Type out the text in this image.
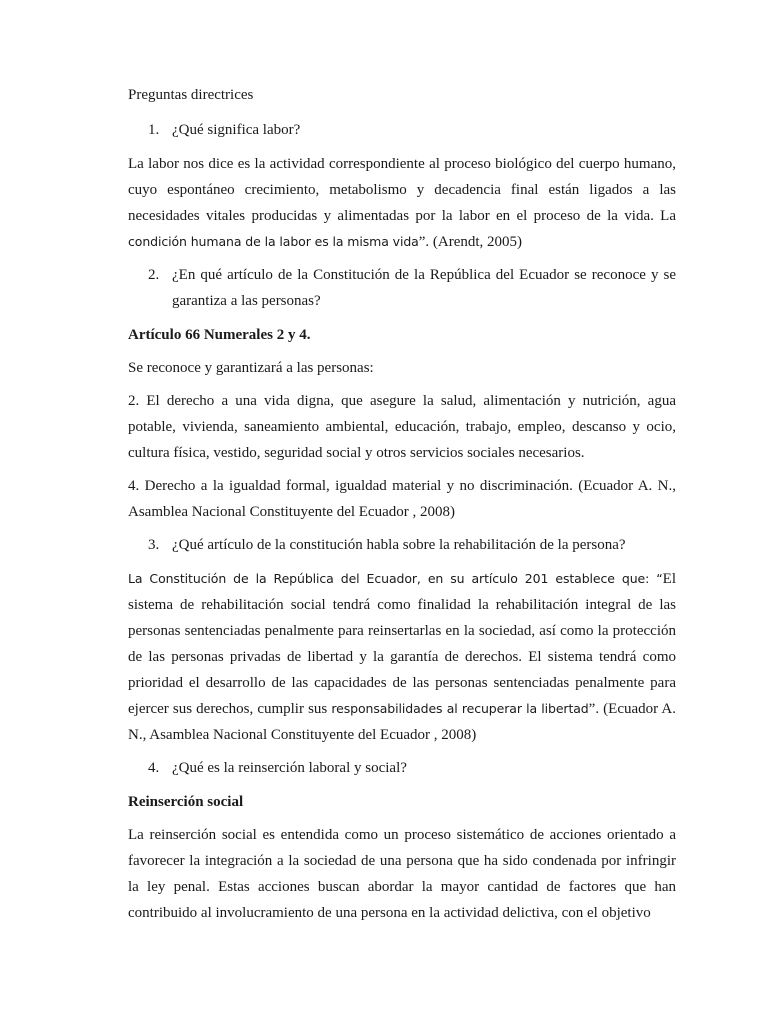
Preguntas directrices

1. ¿Qué significa labor?

La labor nos dice es la actividad correspondiente al proceso biológico del cuerpo humano, cuyo espontáneo crecimiento, metabolismo y decadencia final están ligados a las necesidades vitales producidas y alimentadas por la labor en el proceso de la vida. La condición humana de la labor es la misma vida”. (Arendt, 2005)

2. ¿En qué artículo de la Constitución de la República del Ecuador se reconoce y se garantiza a las personas?

Artículo 66 Numerales 2 y 4.

Se reconoce y garantizará a las personas:

2. El derecho a una vida digna, que asegure la salud, alimentación y nutrición, agua potable, vivienda, saneamiento ambiental, educación, trabajo, empleo, descanso y ocio, cultura física, vestido, seguridad social y otros servicios sociales necesarios.

4. Derecho a la igualdad formal, igualdad material y no discriminación. (Ecuador A. N., Asamblea Nacional Constituyente del Ecuador , 2008)

3. ¿Qué artículo de la constitución habla sobre la rehabilitación de la persona?

La Constitución de la República del Ecuador, en su artículo 201 establece que: “El sistema de rehabilitación social tendrá como finalidad la rehabilitación integral de las personas sentenciadas penalmente para reinsertarlas en la sociedad, así como la protección de las personas privadas de libertad y la garantía de derechos. El sistema tendrá como prioridad el desarrollo de las capacidades de las personas sentenciadas penalmente para ejercer sus derechos, cumplir sus responsabilidades al recuperar la libertad”. (Ecuador A. N., Asamblea Nacional Constituyente del Ecuador , 2008)

4. ¿Qué es la reinserción laboral y social?

Reinserción social

La reinserción social es entendida como un proceso sistemático de acciones orientado a favorecer la integración a la sociedad de una persona que ha sido condenada por infringir la ley penal. Estas acciones buscan abordar la mayor cantidad de factores que han contribuido al involucramiento de una persona en la actividad delictiva, con el objetivo
